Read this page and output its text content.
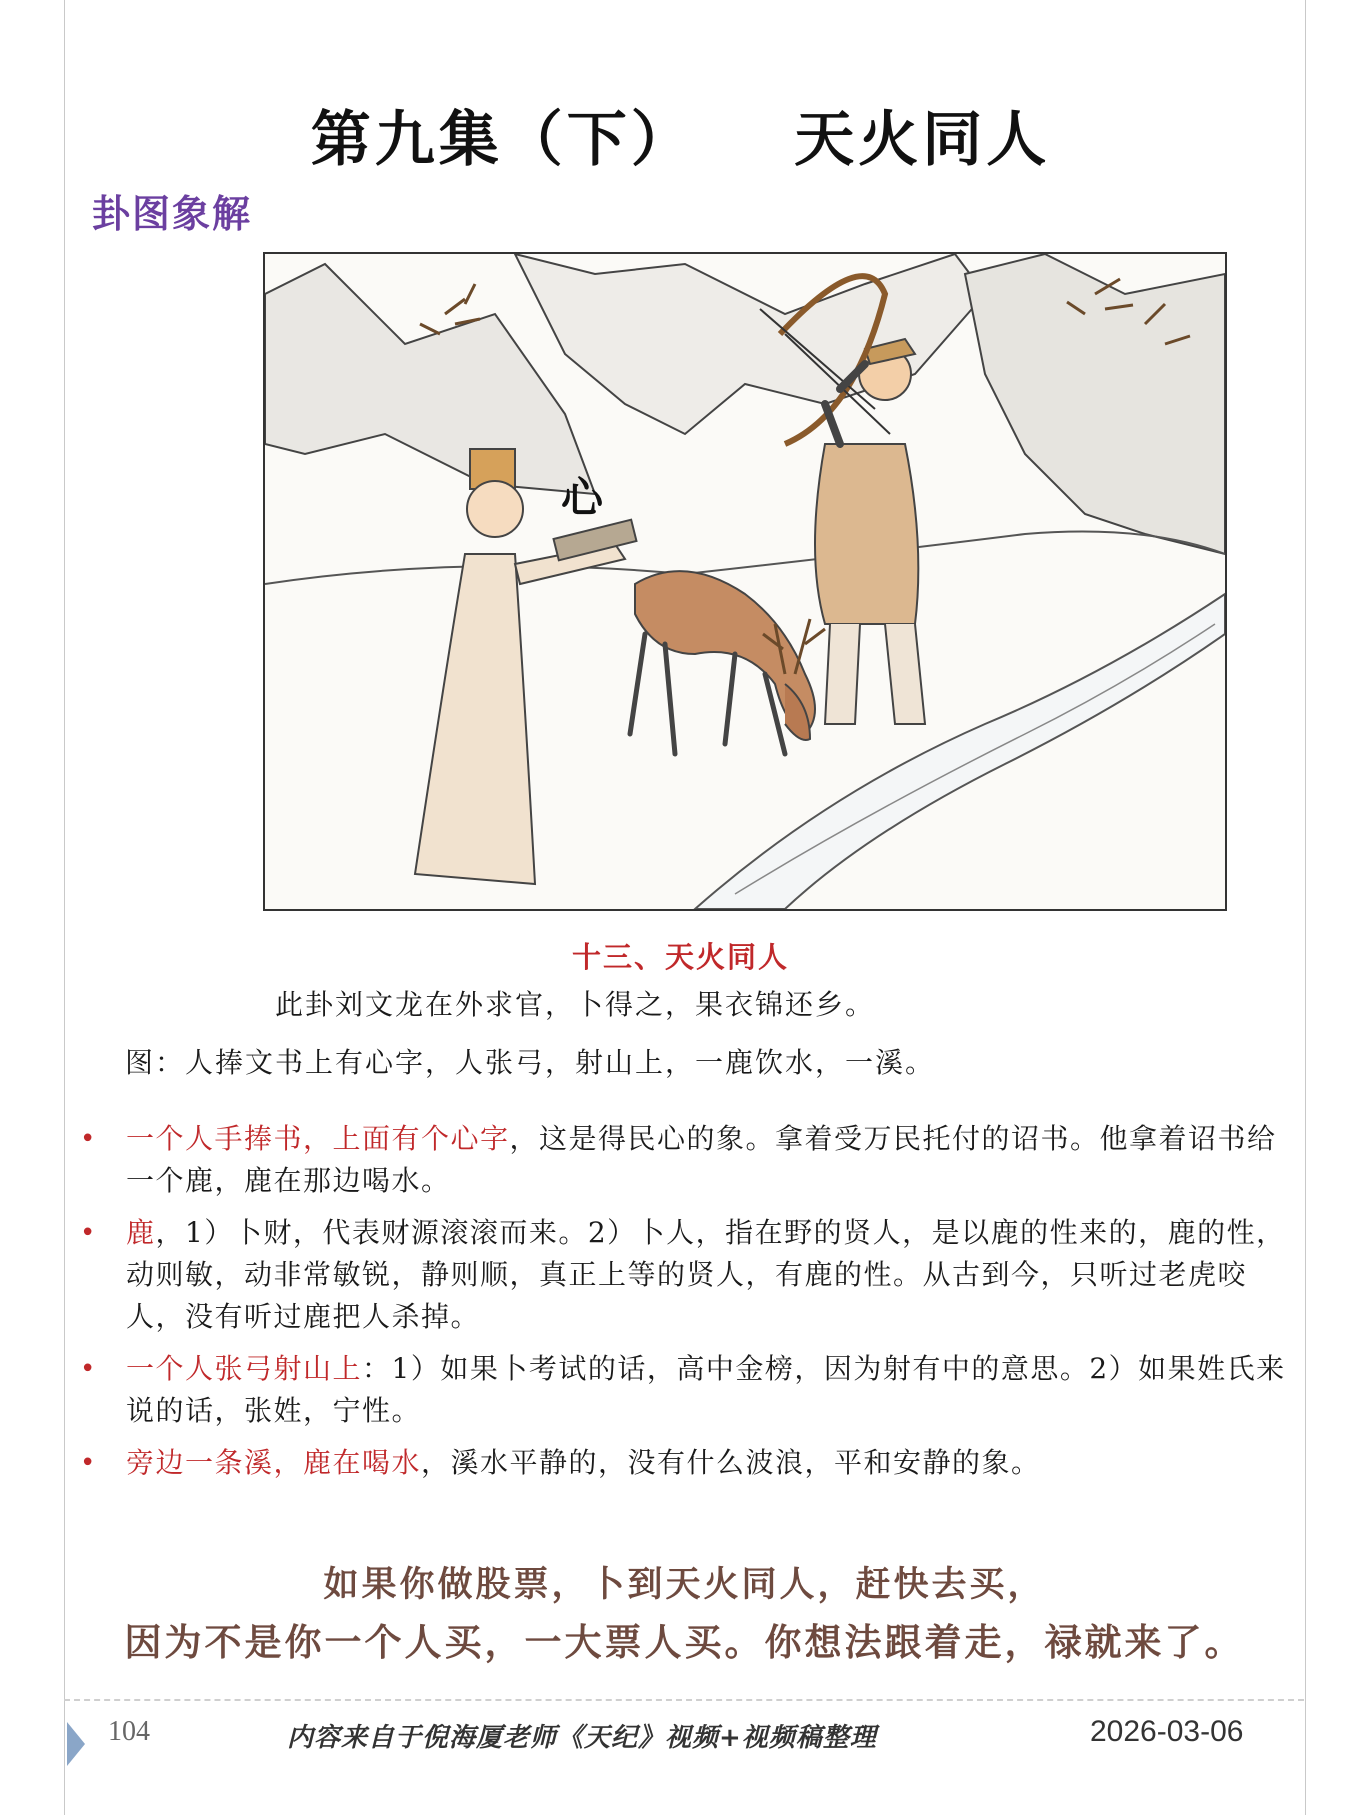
第九集（下）    天火同人
卦图象解
心
十三、天火同人
此卦刘文龙在外求官，卜得之，果衣锦还乡。
图：人捧文书上有心字，人张弓，射山上，一鹿饮水，一溪。
• 一个人手捧书，上面有个心字，这是得民心的象。拿着受万民托付的诏书。他拿着诏书给一个鹿，鹿在那边喝水。
• 鹿，1）卜财，代表财源滚滚而来。2）卜人，指在野的贤人，是以鹿的性来的，鹿的性，动则敏，动非常敏锐，静则顺，真正上等的贤人，有鹿的性。从古到今，只听过老虎咬人，没有听过鹿把人杀掉。
• 一个人张弓射山上：1）如果卜考试的话，高中金榜，因为射有中的意思。2）如果姓氏来说的话，张姓，宁性。
• 旁边一条溪，鹿在喝水，溪水平静的，没有什么波浪，平和安静的象。
如果你做股票，卜到天火同人，赶快去买，
因为不是你一个人买，一大票人买。你想法跟着走，禄就来了。
104	内容来自于倪海厦老师《天纪》视频+视频稿整理	2026-03-06
